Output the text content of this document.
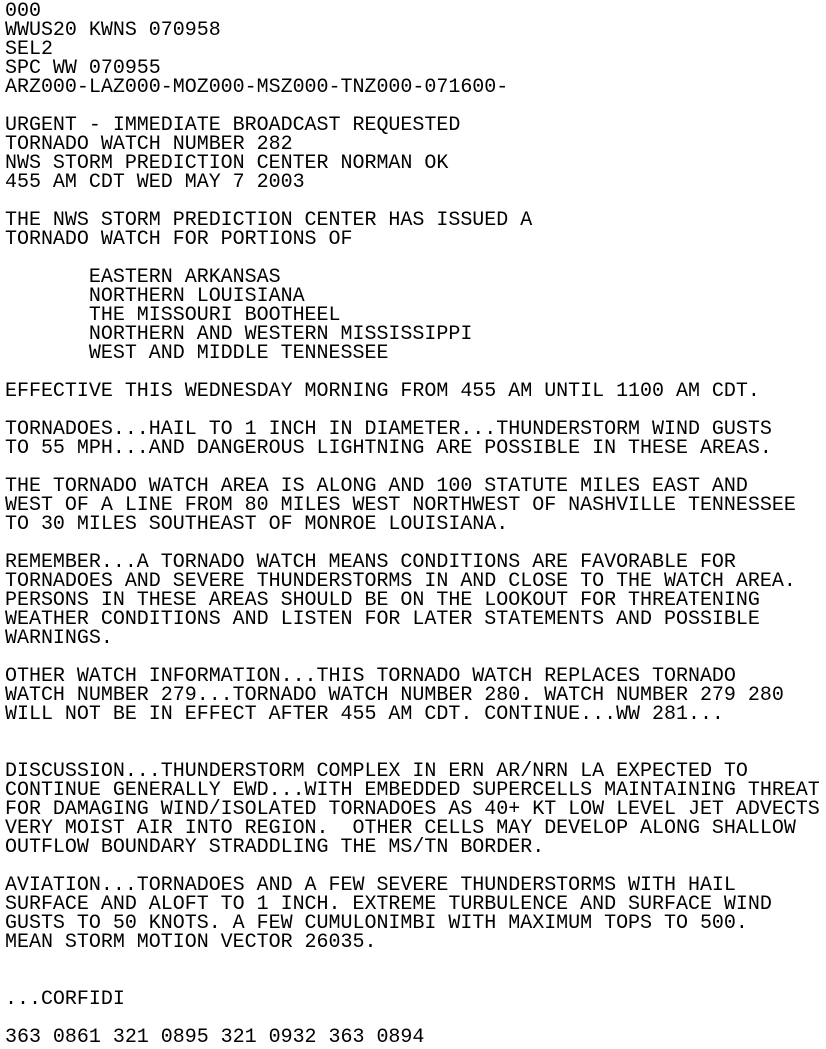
000
WWUS20 KWNS 070958
SEL2
SPC WW 070955
ARZ000-LAZ000-MOZ000-MSZ000-TNZ000-071600-

URGENT - IMMEDIATE BROADCAST REQUESTED
TORNADO WATCH NUMBER 282
NWS STORM PREDICTION CENTER NORMAN OK
455 AM CDT WED MAY 7 2003

THE NWS STORM PREDICTION CENTER HAS ISSUED A
TORNADO WATCH FOR PORTIONS OF

EASTERN ARKANSAS
NORTHERN LOUISIANA
THE MISSOURI BOOTHEEL
NORTHERN AND WESTERN MISSISSIPPI
WEST AND MIDDLE TENNESSEE

EFFECTIVE THIS WEDNESDAY MORNING FROM 455 AM UNTIL 1100 AM CDT.

TORNADOES...HAIL TO 1 INCH IN DIAMETER...THUNDERSTORM WIND GUSTS
TO 55 MPH...AND DANGEROUS LIGHTNING ARE POSSIBLE IN THESE AREAS.

THE TORNADO WATCH AREA IS ALONG AND 100 STATUTE MILES EAST AND
WEST OF A LINE FROM 80 MILES WEST NORTHWEST OF NASHVILLE TENNESSEE
TO 30 MILES SOUTHEAST OF MONROE LOUISIANA.

REMEMBER...A TORNADO WATCH MEANS CONDITIONS ARE FAVORABLE FOR
TORNADOES AND SEVERE THUNDERSTORMS IN AND CLOSE TO THE WATCH AREA.
PERSONS IN THESE AREAS SHOULD BE ON THE LOOKOUT FOR THREATENING
WEATHER CONDITIONS AND LISTEN FOR LATER STATEMENTS AND POSSIBLE
WARNINGS.

OTHER WATCH INFORMATION...THIS TORNADO WATCH REPLACES TORNADO
WATCH NUMBER 279...TORNADO WATCH NUMBER 280. WATCH NUMBER 279 280
WILL NOT BE IN EFFECT AFTER 455 AM CDT. CONTINUE...WW 281...

DISCUSSION...THUNDERSTORM COMPLEX IN ERN AR/NRN LA EXPECTED TO
CONTINUE GENERALLY EWD...WITH EMBEDDED SUPERCELLS MAINTAINING THREAT
FOR DAMAGING WIND/ISOLATED TORNADOES AS 40+ KT LOW LEVEL JET ADVECTS
VERY MOIST AIR INTO REGION.  OTHER CELLS MAY DEVELOP ALONG SHALLOW
OUTFLOW BOUNDARY STRADDLING THE MS/TN BORDER.

AVIATION...TORNADOES AND A FEW SEVERE THUNDERSTORMS WITH HAIL
SURFACE AND ALOFT TO 1 INCH. EXTREME TURBULENCE AND SURFACE WIND
GUSTS TO 50 KNOTS. A FEW CUMULONIMBI WITH MAXIMUM TOPS TO 500.
MEAN STORM MOTION VECTOR 26035.

...CORFIDI

363 0861 321 0895 321 0932 363 0894
